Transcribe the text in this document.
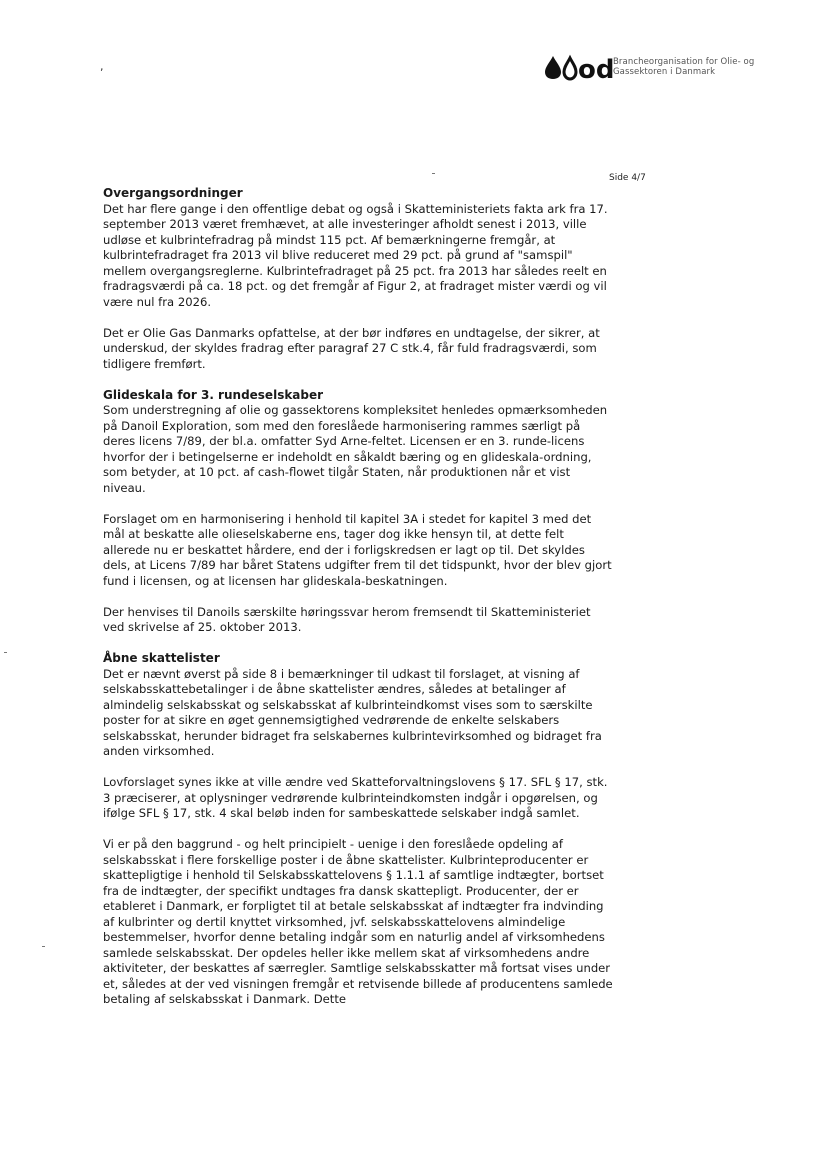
,	od
Brancheorganisation for Olie- og
Gassektoren i Danmark
Side 4/7
Overgangsordninger

Det har flere gange i den offentlige debat og også i Skatteministeriets fakta ark fra 17. september 2013 været fremhævet, at alle investeringer afholdt senest i 2013, ville udløse et kulbrintefradrag på mindst 115 pct. Af bemærkningerne fremgår, at kulbrintefradraget fra 2013 vil blive reduceret med 29 pct. på grund af "samspil" mellem overgangsreglerne. Kulbrintefradraget på 25 pct. fra 2013 har således reelt en fradragsværdi på ca. 18 pct. og det fremgår af Figur 2, at fradraget mister værdi og vil være nul fra 2026.

Det er Olie Gas Danmarks opfattelse, at der bør indføres en undtagelse, der sikrer, at underskud, der skyldes fradrag efter paragraf 27 C stk.4, får fuld fradragsværdi, som tidligere fremført.

Glideskala for 3. rundeselskaber

Som understregning af olie og gassektorens kompleksitet henledes opmærksomheden på Danoil Exploration, som med den foreslåede harmonisering rammes særligt på deres licens 7/89, der bl.a. omfatter Syd Arne-feltet. Licensen er en 3. runde-licens hvorfor der i betingelserne er indeholdt en såkaldt bæring og en glideskala-ordning, som betyder, at 10 pct. af cash-flowet tilgår Staten, når produktionen når et vist niveau.

Forslaget om en harmonisering i henhold til kapitel 3A i stedet for kapitel 3 med det mål at beskatte alle olieselskaberne ens, tager dog ikke hensyn til, at dette felt allerede nu er beskattet hårdere, end der i forligskredsen er lagt op til. Det skyldes dels, at Licens 7/89 har båret Statens udgifter frem til det tidspunkt, hvor der blev gjort fund i licensen, og at licensen har glideskala-beskatningen.

Der henvises til Danoils særskilte høringssvar herom fremsendt til Skatteministeriet ved skrivelse af 25. oktober 2013.

Åbne skattelister

Det er nævnt øverst på side 8 i bemærkninger til udkast til forslaget, at visning af selskabsskattebetalinger i de åbne skattelister ændres, således at betalinger af almindelig selskabsskat og selskabsskat af kulbrinteindkomst vises som to særskilte poster for at sikre en øget gennemsigtighed vedrørende de enkelte selskabers selskabsskat, herunder bidraget fra selskabernes kulbrintevirksomhed og bidraget fra anden virksomhed.

Lovforslaget synes ikke at ville ændre ved Skatteforvaltningslovens § 17. SFL § 17, stk. 3 præciserer, at oplysninger vedrørende kulbrinteindkomsten indgår i opgørelsen, og ifølge SFL § 17, stk. 4 skal beløb inden for sambeskattede selskaber indgå samlet.

Vi er på den baggrund - og helt principielt - uenige i den foreslåede opdeling af selskabsskat i flere forskellige poster i de åbne skattelister. Kulbrinteproducenter er skattepligtige i henhold til Selskabsskattelovens § 1.1.1 af samtlige indtægter, bortset fra de indtægter, der specifikt undtages fra dansk skattepligt. Producenter, der er etableret i Danmark, er forpligtet til at betale selskabsskat af indtægter fra indvinding af kulbrinter og dertil knyttet virksomhed, jvf. selskabsskattelovens almindelige bestemmelser, hvorfor denne betaling indgår som en naturlig andel af virksomhedens samlede selskabsskat. Der opdeles heller ikke mellem skat af virksomhedens andre aktiviteter, der beskattes af særregler. Samtlige selskabsskatter må fortsat vises under et, således at der ved visningen fremgår et retvisende billede af producentens samlede betaling af selskabsskat i Danmark. Dette
